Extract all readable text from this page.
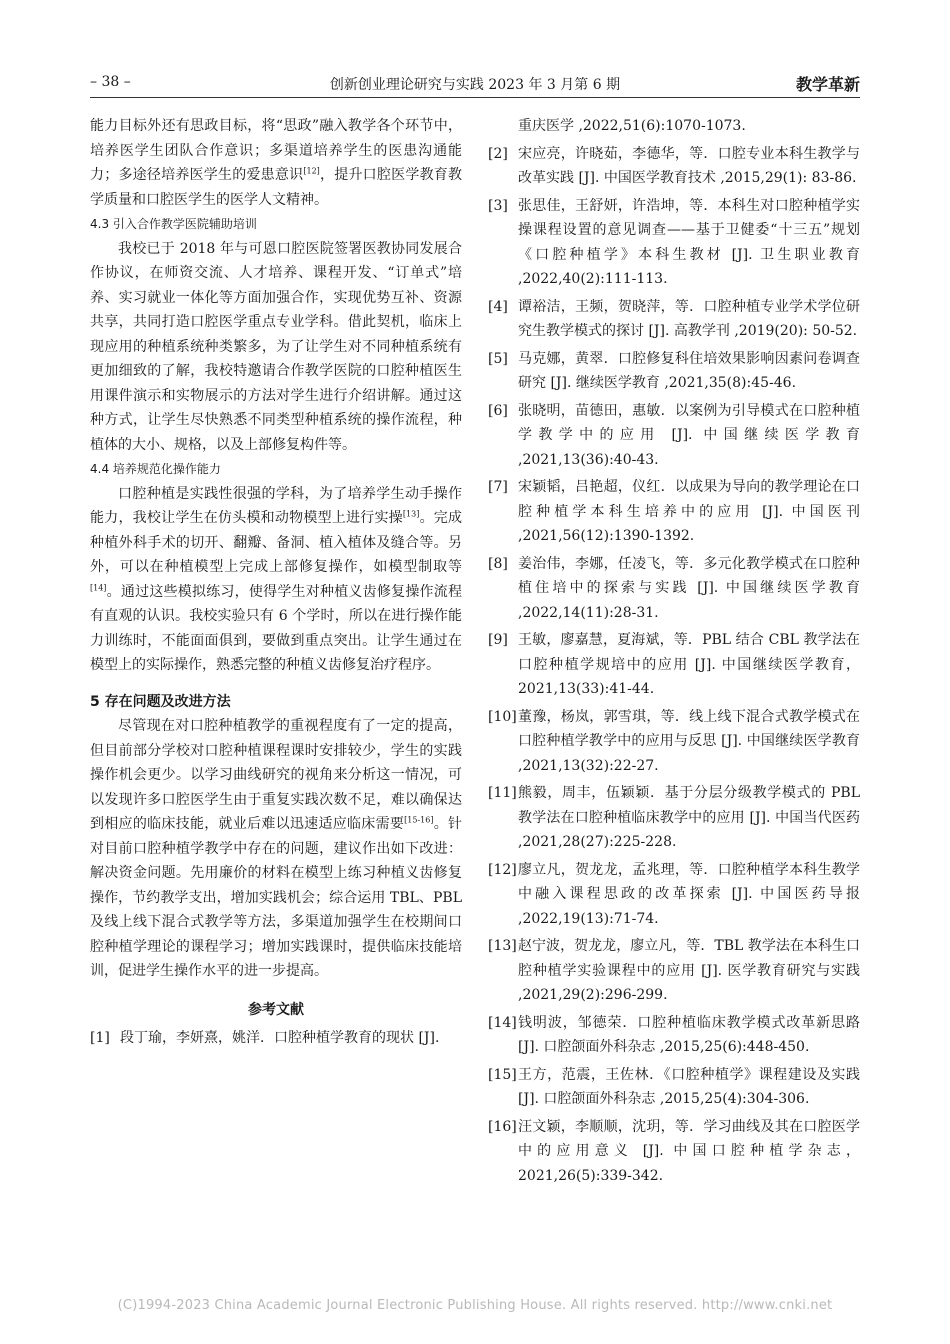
– 38 –	创新创业理论研究与实践 2023 年 3 月第 6 期	教学革新

能力目标外还有思政目标，将“思政”融入教学各个环节中，培养医学生团队合作意识；多渠道培养学生的医患沟通能力；多途径培养医学生的爱患意识[12]，提升口腔医学教育教学质量和口腔医学生的医学人文精神。

4.3 引入合作教学医院辅助培训

我校已于 2018 年与可恩口腔医院签署医教协同发展合作协议，在师资交流、人才培养、课程开发、“订单式”培养、实习就业一体化等方面加强合作，实现优势互补、资源共享，共同打造口腔医学重点专业学科。借此契机，临床上现应用的种植系统种类繁多，为了让学生对不同种植系统有更加细致的了解，我校特邀请合作教学医院的口腔种植医生用课件演示和实物展示的方法对学生进行介绍讲解。通过这种方式，让学生尽快熟悉不同类型种植系统的操作流程，种植体的大小、规格，以及上部修复构件等。

4.4 培养规范化操作能力

口腔种植是实践性很强的学科，为了培养学生动手操作能力，我校让学生在仿头模和动物模型上进行实操[13]。完成种植外科手术的切开、翻瓣、备洞、植入植体及缝合等。另外，可以在种植模型上完成上部修复操作，如模型制取等[14]。通过这些模拟练习，使得学生对种植义齿修复操作流程有直观的认识。我校实验只有 6 个学时，所以在进行操作能力训练时，不能面面俱到，要做到重点突出。让学生通过在模型上的实际操作，熟悉完整的种植义齿修复治疗程序。

5 存在问题及改进方法

尽管现在对口腔种植教学的重视程度有了一定的提高，但目前部分学校对口腔种植课程课时安排较少，学生的实践操作机会更少。以学习曲线研究的视角来分析这一情况，可以发现许多口腔医学生由于重复实践次数不足，难以确保达到相应的临床技能，就业后难以迅速适应临床需要[15-16]。针对目前口腔种植学教学中存在的问题，建议作出如下改进：解决资金问题。先用廉价的材料在模型上练习种植义齿修复操作，节约教学支出，增加实践机会；综合运用 TBL、PBL 及线上线下混合式教学等方法，多渠道加强学生在校期间口腔种植学理论的课程学习；增加实践课时，提供临床技能培训，促进学生操作水平的进一步提高。

参考文献
[1] 段丁瑜，李妍熹，姚洋．口腔种植学教育的现状 [J].
重庆医学 ,2022,51(6):1070-1073.
[2] 宋应亮，许晓茹，李德华，等．口腔专业本科生教学与改革实践 [J]. 中国医学教育技术 ,2015,29(1): 83-86.
[3] 张思佳，王舒妍，许浩坤，等．本科生对口腔种植学实操课程设置的意见调查——基于卫健委“十三五”规划《口腔种植学》本科生教材 [J]. 卫生职业教育 ,2022,40(2):111-113.
[4] 谭裕洁，王频，贺晓萍，等．口腔种植专业学术学位研究生教学模式的探讨 [J]. 高教学刊 ,2019(20): 50-52.
[5] 马克娜，黄翠．口腔修复科住培效果影响因素问卷调查研究 [J]. 继续医学教育 ,2021,35(8):45-46.
[6] 张晓明，苗德田，惠敏．以案例为引导模式在口腔种植学教学中的应用 [J]. 中国继续医学教育 ,2021,13(36):40-43.
[7] 宋颖韬，吕艳超，仪红．以成果为导向的教学理论在口腔种植学本科生培养中的应用 [J]. 中国医刊 ,2021,56(12):1390-1392.
[8] 姜治伟，李娜，任凌飞，等．多元化教学模式在口腔种植住培中的探索与实践 [J]. 中国继续医学教育 ,2022,14(11):28-31.
[9] 王敏，廖嘉慧，夏海斌，等．PBL 结合 CBL 教学法在口腔种植学规培中的应用 [J]. 中国继续医学教育，2021,13(33):41-44.
[10] 董豫，杨岚，郭雪琪，等．线上线下混合式教学模式在口腔种植学教学中的应用与反思 [J]. 中国继续医学教育 ,2021,13(32):22-27.
[11] 熊毅，周丰，伍颖颖．基于分层分级教学模式的 PBL 教学法在口腔种植临床教学中的应用 [J]. 中国当代医药 ,2021,28(27):225-228.
[12] 廖立凡，贺龙龙，孟兆理，等．口腔种植学本科生教学中融入课程思政的改革探索 [J]. 中国医药导报 ,2022,19(13):71-74.
[13] 赵宁波，贺龙龙，廖立凡，等．TBL 教学法在本科生口腔种植学实验课程中的应用 [J]. 医学教育研究与实践 ,2021,29(2):296-299.
[14] 钱明波，邹德荣．口腔种植临床教学模式改革新思路 [J]. 口腔颌面外科杂志 ,2015,25(6):448-450.
[15] 王方，范震，王佐林．《口腔种植学》课程建设及实践 [J]. 口腔颌面外科杂志 ,2015,25(4):304-306.
[16] 汪文颖，李顺顺，沈玥，等．学习曲线及其在口腔医学中的应用意义 [J]. 中国口腔种植学杂志，2021,26(5):339-342.
(C)1994-2023 China Academic Journal Electronic Publishing House. All rights reserved. http://www.cnki.net
